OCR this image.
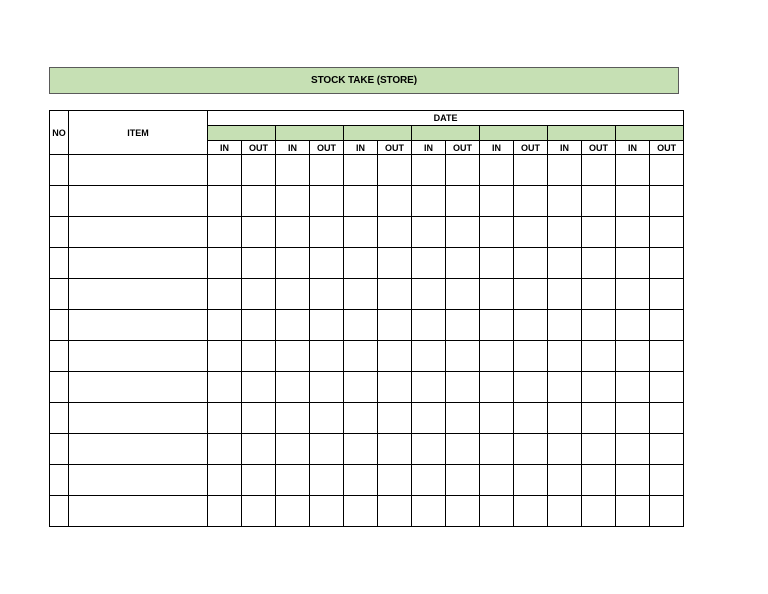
STOCK TAKE (STORE)
NO	ITEM	DATE													

		IN	OUT	IN	OUT	IN	OUT	IN	OUT	IN	OUT	IN	OUT	IN	OUT
